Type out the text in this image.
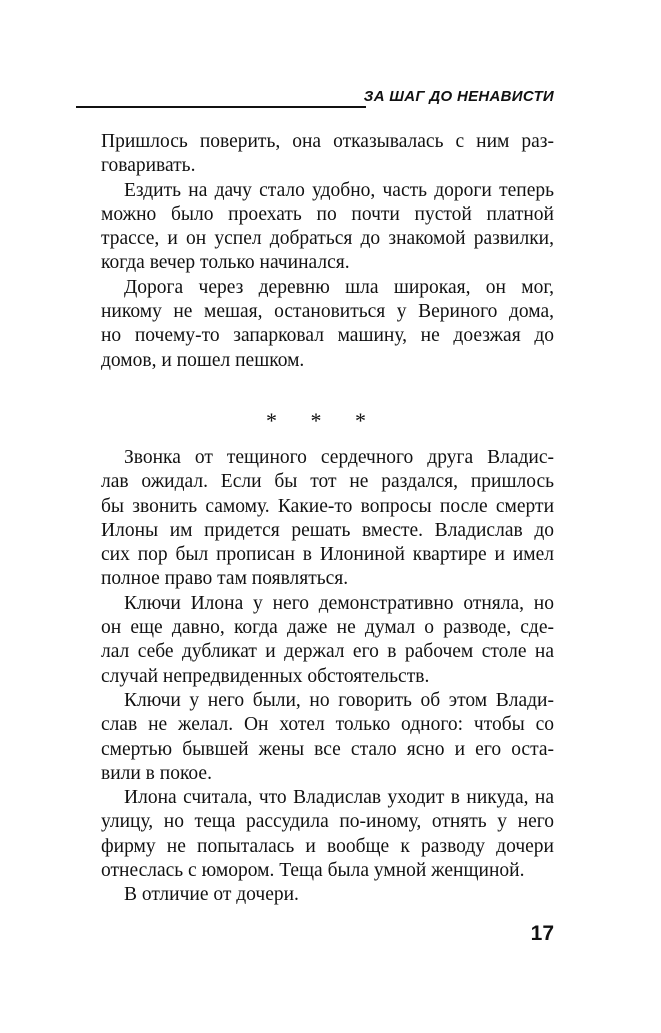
ЗА ШАГ ДО НЕНАВИСТИ

Пришлось поверить, она отказывалась с ним раз-
говаривать.

Ездить на дачу стало удобно, часть дороги теперь
можно было проехать по почти пустой платной
трассе, и он успел добраться до знакомой развилки,
когда вечер только начинался.

Дорога через деревню шла широкая, он мог,
никому не мешая, остановиться у Вериного дома,
но почему-то запарковал машину, не доезжая до
домов, и пошел пешком.

* * *

Звонка от тещиного сердечного друга Владис-
лав ожидал. Если бы тот не раздался, пришлось
бы звонить самому. Какие-то вопросы после смерти
Илоны им придется решать вместе. Владислав до
сих пор был прописан в Илониной квартире и имел
полное право там появляться.

Ключи Илона у него демонстративно отняла, но
он еще давно, когда даже не думал о разводе, сде-
лал себе дубликат и держал его в рабочем столе на
случай непредвиденных обстоятельств.

Ключи у него были, но говорить об этом Влади-
слав не желал. Он хотел только одного: чтобы со
смертью бывшей жены все стало ясно и его оста-
вили в покое.

Илона считала, что Владислав уходит в никуда, на
улицу, но теща рассудила по-иному, отнять у него
фирму не попыталась и вообще к разводу дочери
отнеслась с юмором. Теща была умной женщиной.

В отличие от дочери.

17
